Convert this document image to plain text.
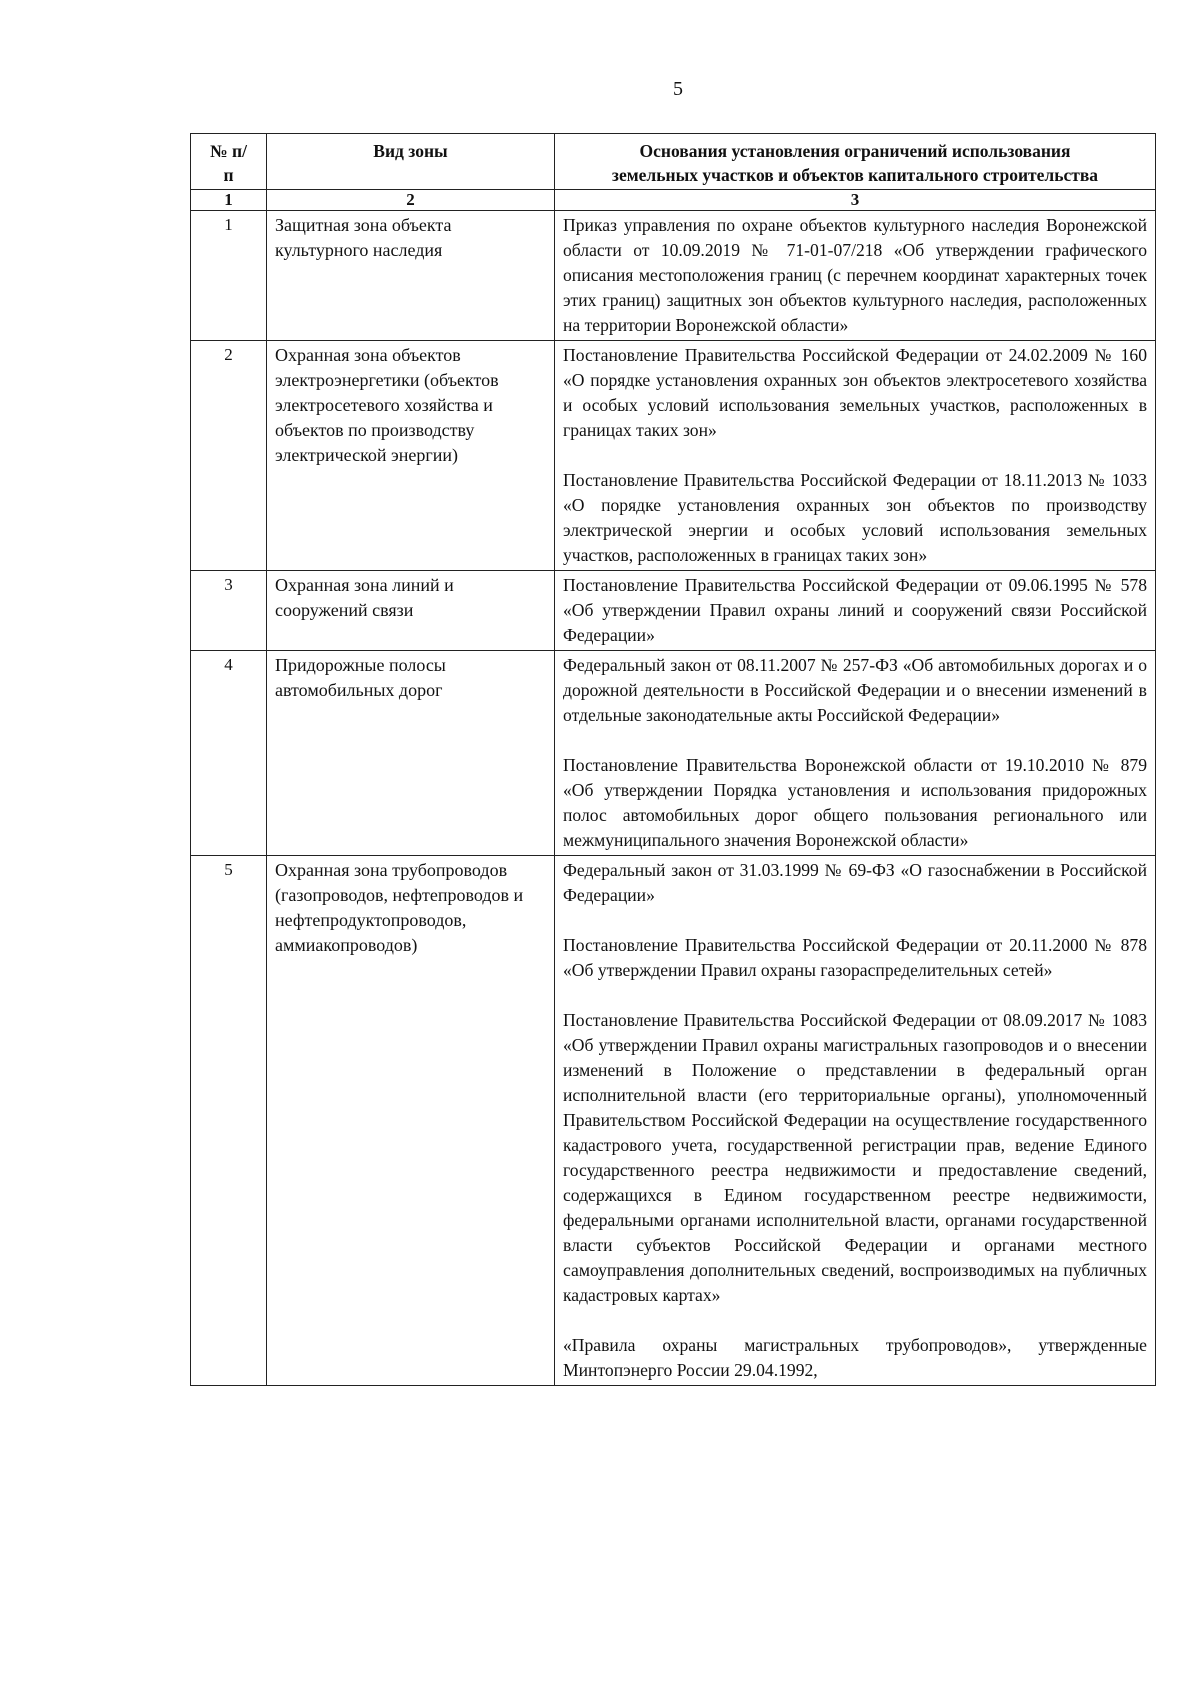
5
№ п/п	Вид зоны	Основания установления ограничений использования земельных участков и объектов капитального строительства
1	2	3
1	Защитная зона объекта культурного наследия	Приказ управления по охране объектов культурного наследия Воронежской области от 10.09.2019 № 71-01-07/218 «Об утверждении графического описания местоположения границ (с перечнем координат характерных точек этих границ) защитных зон объектов культурного наследия, расположенных на территории Воронежской области»

2	Охранная зона объектов электроэнергетики (объектов электросетевого хозяйства и объектов по производству электрической энергии)	Постановление Правительства Российской Федерации от 24.02.2009 № 160 «О порядке установления охранных зон объектов электросетевого хозяйства и особых условий использования земельных участков, расположенных в границах таких зон»

Постановление Правительства Российской Федерации от 18.11.2013 № 1033 «О порядке установления охранных зон объектов по производству электрической энергии и особых условий использования земельных участков, расположенных в границах таких зон»

3	Охранная зона линий и сооружений связи	Постановление Правительства Российской Федерации от 09.06.1995 № 578 «Об утверждении Правил охраны линий и сооружений связи Российской Федерации»

4	Придорожные полосы автомобильных дорог	Федеральный закон от 08.11.2007 № 257-ФЗ «Об автомобильных дорогах и о дорожной деятельности в Российской Федерации и о внесении изменений в отдельные законодательные акты Российской Федерации»

Постановление Правительства Воронежской области от 19.10.2010 № 879 «Об утверждении Порядка установления и использования придорожных полос автомобильных дорог общего пользования регионального или межмуниципального значения Воронежской области»

5	Охранная зона трубопроводов (газопроводов, нефтепроводов и нефтепродуктопроводов, аммиакопроводов)	Федеральный закон от 31.03.1999 № 69-ФЗ «О газоснабжении в Российской Федерации»

Постановление Правительства Российской Федерации от 20.11.2000 № 878 «Об утверждении Правил охраны газораспределительных сетей»

Постановление Правительства Российской Федерации от 08.09.2017 № 1083 «Об утверждении Правил охраны магистральных газопроводов и о внесении изменений в Положение о представлении в федеральный орган исполнительной власти (его территориальные органы), уполномоченный Правительством Российской Федерации на осуществление государственного кадастрового учета, государственной регистрации прав, ведение Единого государственного реестра недвижимости и предоставление сведений, содержащихся в Едином государственном реестре недвижимости, федеральными органами исполнительной власти, органами государственной власти субъектов Российской Федерации и органами местного самоуправления дополнительных сведений, воспроизводимых на публичных кадастровых картах»

«Правила охраны магистральных трубопроводов», утвержденные Минтопэнерго России 29.04.1992,
